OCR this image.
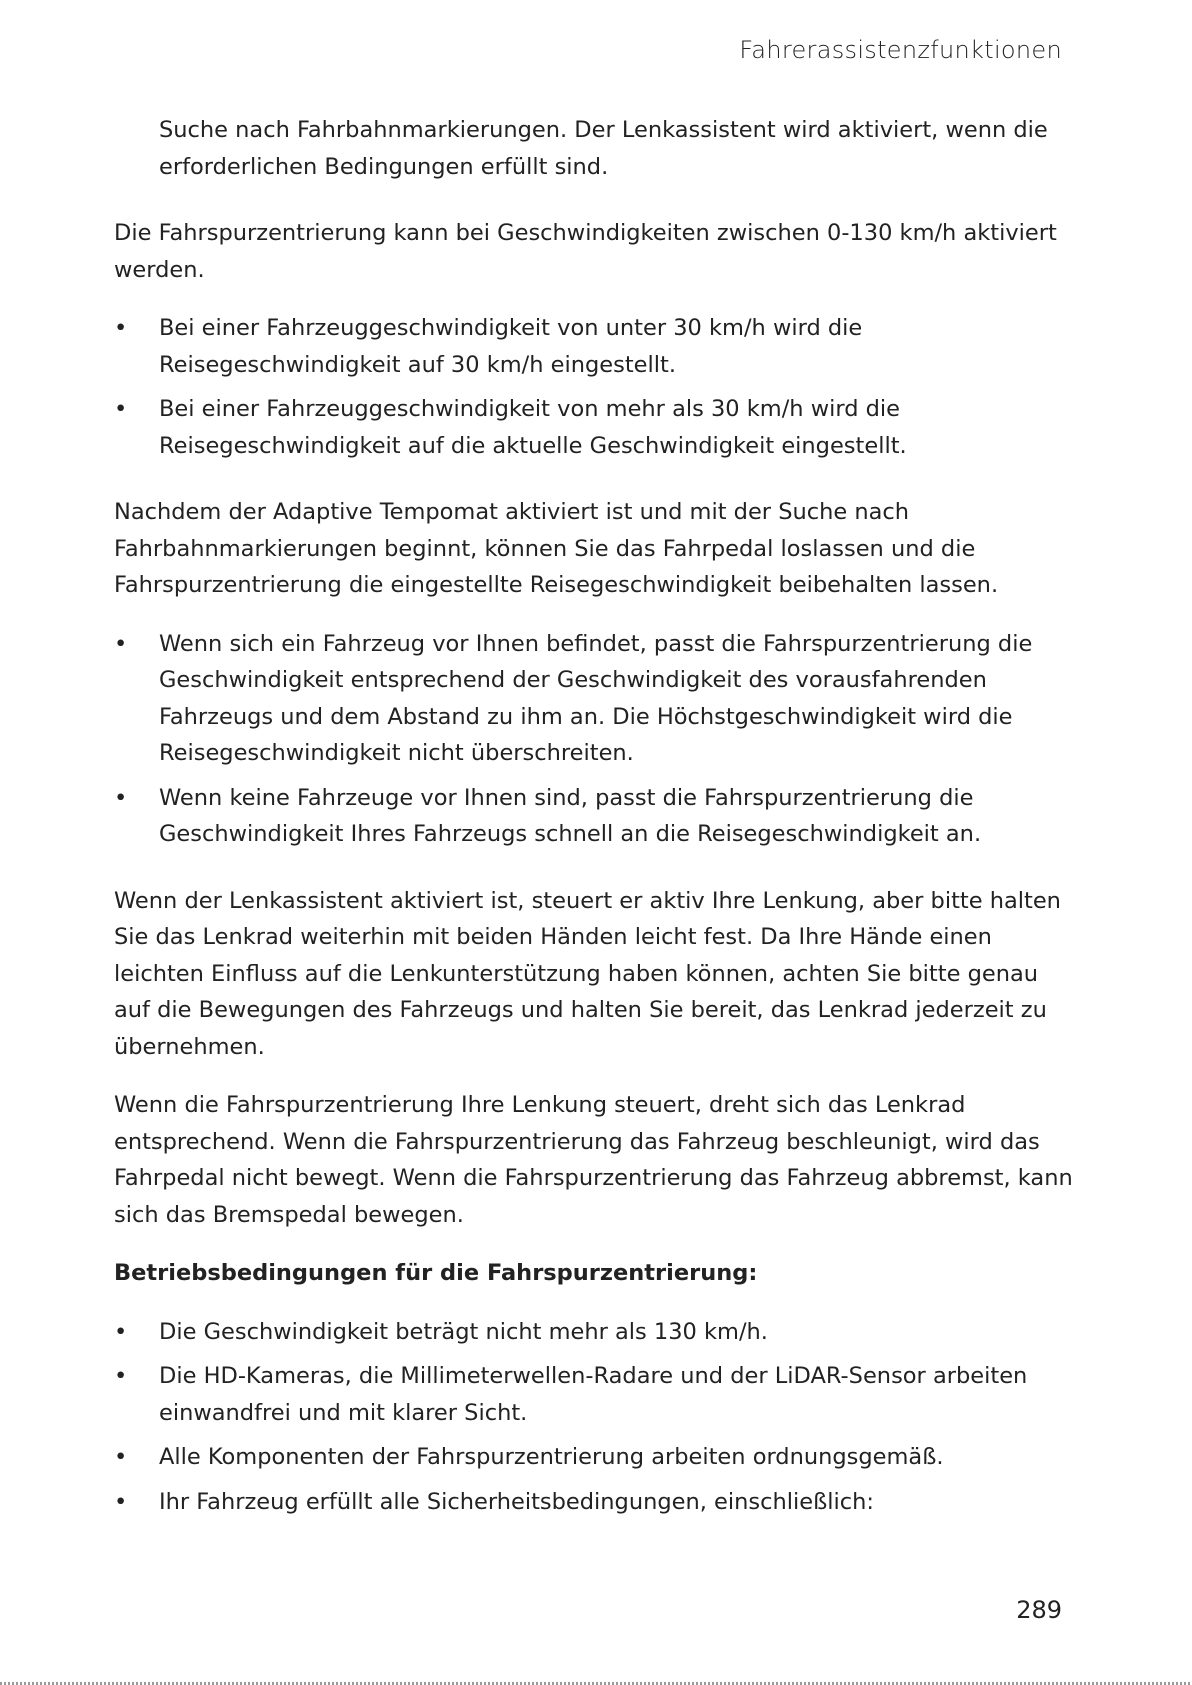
Fahrerassistenzfunktionen

Suche nach Fahrbahnmarkierungen. Der Lenkassistent wird aktiviert, wenn die erforderlichen Bedingungen erfüllt sind.

Die Fahrspurzentrierung kann bei Geschwindigkeiten zwischen 0-130 km/h aktiviert werden.

• Bei einer Fahrzeuggeschwindigkeit von unter 30 km/h wird die Reisegeschwindigkeit auf 30 km/h eingestellt.
• Bei einer Fahrzeuggeschwindigkeit von mehr als 30 km/h wird die Reisegeschwindigkeit auf die aktuelle Geschwindigkeit eingestellt.

Nachdem der Adaptive Tempomat aktiviert ist und mit der Suche nach Fahrbahnmarkierungen beginnt, können Sie das Fahrpedal loslassen und die Fahrspurzentrierung die eingestellte Reisegeschwindigkeit beibehalten lassen.

• Wenn sich ein Fahrzeug vor Ihnen befindet, passt die Fahrspurzentrierung die Geschwindigkeit entsprechend der Geschwindigkeit des vorausfahrenden Fahrzeugs und dem Abstand zu ihm an. Die Höchstgeschwindigkeit wird die Reisegeschwindigkeit nicht überschreiten.
• Wenn keine Fahrzeuge vor Ihnen sind, passt die Fahrspurzentrierung die Geschwindigkeit Ihres Fahrzeugs schnell an die Reisegeschwindigkeit an.

Wenn der Lenkassistent aktiviert ist, steuert er aktiv Ihre Lenkung, aber bitte halten Sie das Lenkrad weiterhin mit beiden Händen leicht fest. Da Ihre Hände einen leichten Einfluss auf die Lenkunterstützung haben können, achten Sie bitte genau auf die Bewegungen des Fahrzeugs und halten Sie bereit, das Lenkrad jederzeit zu übernehmen.

Wenn die Fahrspurzentrierung Ihre Lenkung steuert, dreht sich das Lenkrad entsprechend. Wenn die Fahrspurzentrierung das Fahrzeug beschleunigt, wird das Fahrpedal nicht bewegt. Wenn die Fahrspurzentrierung das Fahrzeug abbremst, kann sich das Bremspedal bewegen.

Betriebsbedingungen für die Fahrspurzentrierung:

• Die Geschwindigkeit beträgt nicht mehr als 130 km/h.
• Die HD-Kameras, die Millimeterwellen-Radare und der LiDAR-Sensor arbeiten einwandfrei und mit klarer Sicht.
• Alle Komponenten der Fahrspurzentrierung arbeiten ordnungsgemäß.
• Ihr Fahrzeug erfüllt alle Sicherheitsbedingungen, einschließlich:
289
